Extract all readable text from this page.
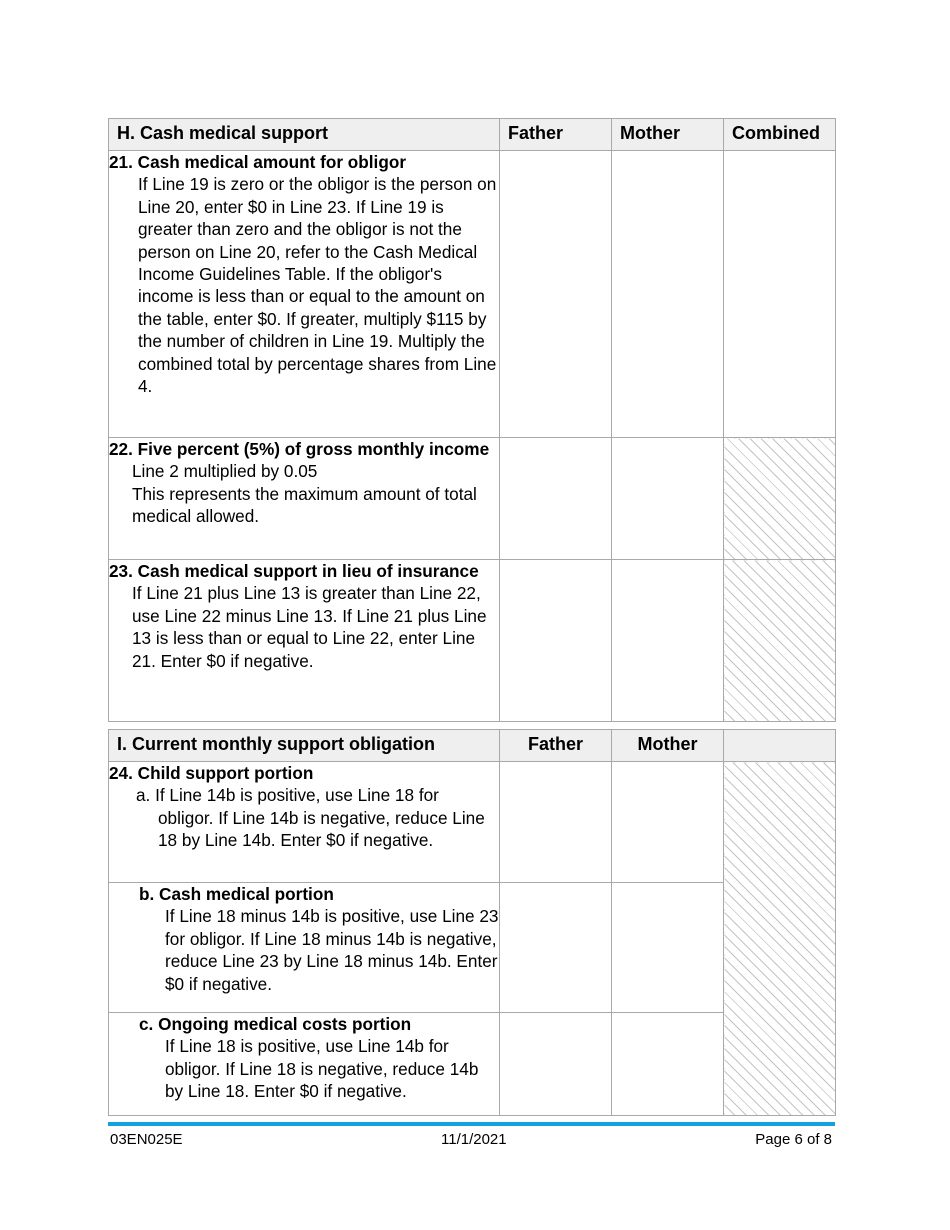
H. Cash medical support	Father	Mother	Combined

21. Cash medical amount for obligor
If Line 19 is zero or the obligor is the person on Line 20, enter $0 in Line 23. If Line 19 is greater than zero and the obligor is not the person on Line 20, refer to the Cash Medical Income Guidelines Table. If the obligor's income is less than or equal to the amount on the table, enter $0. If greater, multiply $115 by the number of children in Line 19. Multiply the combined total by percentage shares from Line 4.			

22. Five percent (5%) of gross monthly income
Line 2 multiplied by 0.05
This represents the maximum amount of total medical allowed.			

23. Cash medical support in lieu of insurance
If Line 21 plus Line 13 is greater than Line 22, use Line 22 minus Line 13. If Line 21 plus Line 13 is less than or equal to Line 22, enter Line 21. Enter $0 if negative.			

I. Current monthly support obligation	Father	Mother	

24. Child support portion
a. If Line 14b is positive, use Line 18 for obligor. If Line 14b is negative, reduce Line 18 by Line 14b. Enter $0 if negative.			

b. Cash medical portion
If Line 18 minus 14b is positive, use Line 23 for obligor. If Line 18 minus 14b is negative, reduce Line 23 by Line 18 minus 14b. Enter $0 if negative.			

c. Ongoing medical costs portion
If Line 18 is positive, use Line 14b for obligor. If Line 18 is negative, reduce 14b by Line 18. Enter $0 if negative.			

03EN025E	11/1/2021	Page 6 of 8
